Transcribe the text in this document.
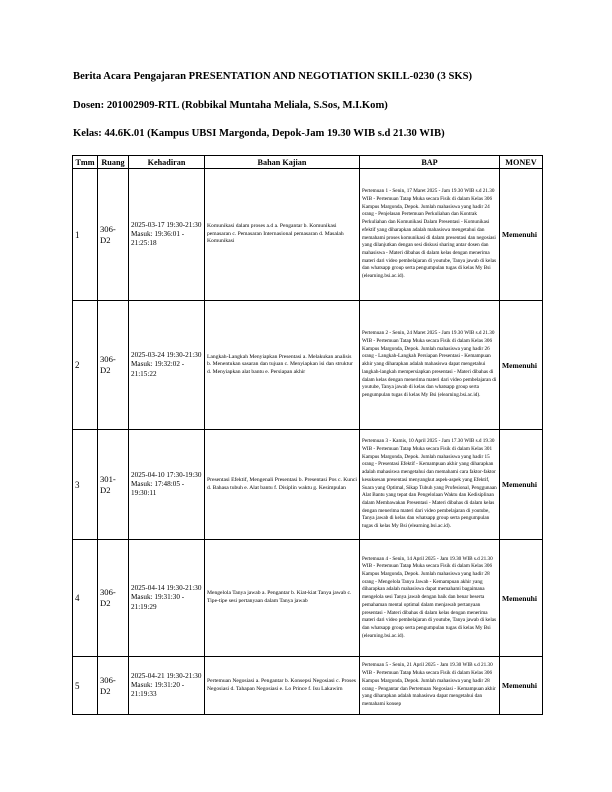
Berita Acara Pengajaran PRESENTATION AND NEGOTIATION SKILL-0230 (3 SKS)
Dosen: 201002909-RTL (Robbikal Muntaha Meliala, S.Sos, M.I.Kom)
Kelas: 44.6K.01 (Kampus UBSI Margonda, Depok-Jam 19.30 WIB s.d 21.30 WIB)
Tmm	Ruang	Kehadiran	Bahan Kajian	BAP	MONEV
1	306-D2	2025-03-17 19:30-21:30
Masuk: 19:36:01 - 21:25:18	Komunikasi dalam proses a.d a. Pengantar b. Komunikasi pemasaran c. Pemasaran Internasional pemasaran d. Masalah Komunikasi	Pertemuan 1 - Senin, 17 Maret 2025 - Jam 19.30 WIB s.d 21.30 WIB - Pertemuan Tatap Muka secara Fisik di dalam Kelas 306 Kampus Margonda, Depok. Jumlah mahasiswa yang hadir 24 orang - Penjelasan Pertemuan Perkuliahan dan Kontrak Perkuliahan dan Komunikasi Dalam Presentasi - Komunikasi efektif yang diharapkan adalah mahasiswa mengetahui dan memahami proses komunikasi di dalam presentasi dan negosiasi yang dilanjutkan dengan sesi diskusi sharing antar dosen dan mahasiswa - Materi dibahas di dalam kelas dengan menerima materi dari video pembelajaran di youtube, Tanya jawab di kelas dan whatsapp group serta pengumpulan tugas di kelas My Bsi (elearning.bsi.ac.id).	Memenuhi
2	306-D2	2025-03-24 19:30-21:30
Masuk: 19:32:02 - 21:15:22	Langkah-Langkah Menyiapkan Presentasi a. Melakukan analisis b. Menentukan sasaran dan tujuan c. Menyiapkan isi dan struktur d. Menyiapkan alat bantu e. Persiapan akhir	Pertemuan 2 - Senin, 24 Maret 2025 - Jam 19.30 WIB s.d 21.30 WIB - Pertemuan Tatap Muka secara Fisik di dalam Kelas 306 Kampus Margonda, Depok. Jumlah mahasiswa yang hadir 26 orang - Langkah-Langkah Persiapan Presentasi - Kemampuan akhir yang diharapkan adalah mahasiswa dapat mengetahui langkah-langkah mempersiapkan presentasi - Materi dibahas di dalam kelas dengan menerima materi dari video pembelajaran di youtube, Tanya jawab di kelas dan whatsapp group serta pengumpulan tugas di kelas My Bsi (elearning.bsi.ac.id).	Memenuhi
3	301-D2	2025-04-10 17:30-19:30
Masuk: 17:48:05 - 19:30:11	Presentasi Efektif, Mengenali Presentasi b. Presentasi Pos c. Kunci d. Bahasa tubuh e. Alat bantu f. Disiplin waktu g. Kesimpulan	Pertemuan 3 - Kamis, 10 April 2025 - Jam 17.30 WIB s.d 19.30 WIB - Pertemuan Tatap Muka secara Fisik di dalam Kelas 301 Kampus Margonda, Depok. Jumlah mahasiswa yang hadir 15 orang - Presentasi Efektif - Kemampuan akhir yang diharapkan adalah mahasiswa mengetahui dan memahami cara faktor-faktor kesuksesan presentasi menyangkut aspek-aspek yang Efektif, Suara yang Optimal, Sikap Tubuh yang Profesional, Penggunaan Alat Bantu yang tepat dan Pengelolaan Waktu dan Kedisiplinan dalam Membawakan Presentasi - Materi dibahas di dalam kelas dengan menerima materi dari video pembelajaran di youtube, Tanya jawab di kelas dan whatsapp group serta pengumpulan tugas di kelas My Bsi (elearning.bsi.ac.id).	Memenuhi
4	306-D2	2025-04-14 19:30-21:30
Masuk: 19:31:30 - 21:19:29	Mengelola Tanya jawab a. Pengantar b. Kiat-kiat Tanya jawab c. Tipe-tipe sesi pertanyaan dalam Tanya jawab	Pertemuan 4 - Senin, 14 April 2025 - Jam 19.30 WIB s.d 21.30 WIB - Pertemuan Tatap Muka secara Fisik di dalam Kelas 306 Kampus Margonda, Depok. Jumlah mahasiswa yang hadir 28 orang - Mengelola Tanya Jawab - Kemampuan akhir yang diharapkan adalah mahasiswa dapat memahami bagaimana mengelola sesi Tanya jawab dengan baik dan benar beserta pemahaman mental optimal dalam menjawab pertanyaan presentasi - Materi dibahas di dalam kelas dengan menerima materi dari video pembelajaran di youtube, Tanya jawab di kelas dan whatsapp group serta pengumpulan tugas di kelas My Bsi (elearning.bsi.ac.id).	Memenuhi
5	306-D2	2025-04-21 19:30-21:30
Masuk: 19:31:20 - 21:19:33	Pertemuan Negosiasi a. Pengantar b. Konsepsi Negosiasi c. Proses Negosiasi d. Tahapan Negosiasi e. Lo Prince f. Isu Lakawirn	Pertemuan 5 - Senin, 21 April 2025 - Jam 19.30 WIB s.d 21.30 WIB - Pertemuan Tatap Muka secara Fisik di dalam Kelas 306 Kampus Margonda, Depok. Jumlah mahasiswa yang hadir 28 orang - Pengantar dan Pertemuan Negosiasi - Kemampuan akhir yang diharapkan adalah mahasiswa dapat mengetahui dan memahami konsep	Memenuhi
